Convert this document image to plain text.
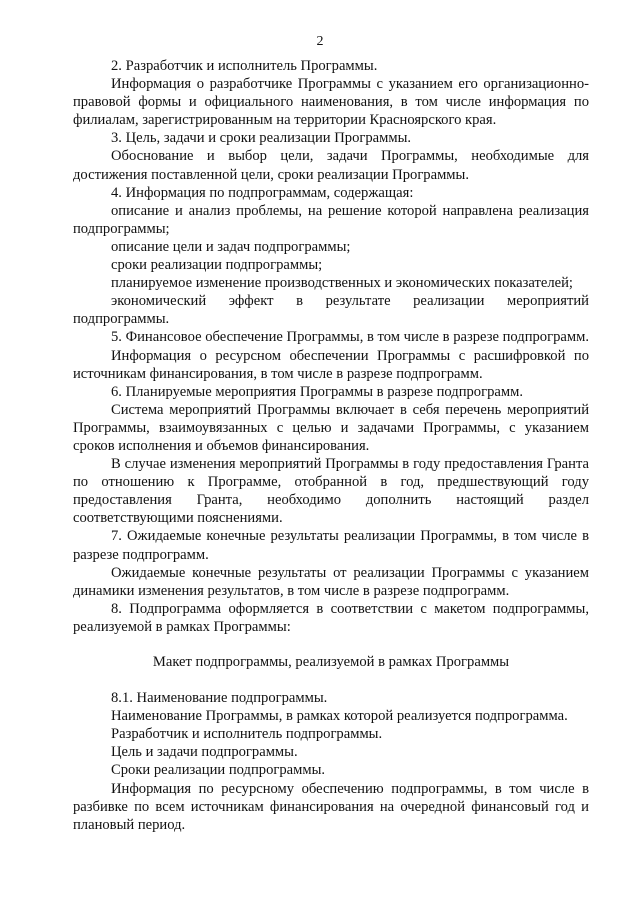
2

2. Разработчик и исполнитель Программы.

Информация о разработчике Программы с указанием его организационно-правовой формы и официального наименования, в том числе информация по филиалам, зарегистрированным на территории Красноярского края.

3. Цель, задачи и сроки реализации Программы.

Обоснование и выбор цели, задачи Программы, необходимые для достижения поставленной цели, сроки реализации Программы.

4. Информация по подпрограммам, содержащая:

описание и анализ проблемы, на решение которой направлена реализация подпрограммы;

описание цели и задач подпрограммы;

сроки реализации подпрограммы;

планируемое изменение производственных и экономических показателей;

экономический эффект в результате реализации мероприятий подпрограммы.

5. Финансовое обеспечение Программы, в том числе в разрезе подпрограмм.

Информация о ресурсном обеспечении Программы с расшифровкой по источникам финансирования, в том числе в разрезе подпрограмм.

6. Планируемые мероприятия Программы в разрезе подпрограмм.

Система мероприятий Программы включает в себя перечень мероприятий Программы, взаимоувязанных с целью и задачами Программы, с указанием сроков исполнения и объемов финансирования.

В случае изменения мероприятий Программы в году предоставления Гранта по отношению к Программе, отобранной в год, предшествующий году предоставления Гранта, необходимо дополнить настоящий раздел соответствующими пояснениями.

7. Ожидаемые конечные результаты реализации Программы, в том числе в разрезе подпрограмм.

Ожидаемые конечные результаты от реализации Программы с указанием динамики изменения результатов, в том числе в разрезе подпрограмм.

8. Подпрограмма оформляется в соответствии с макетом подпрограммы, реализуемой в рамках Программы:

Макет подпрограммы, реализуемой в рамках Программы

8.1. Наименование подпрограммы.

Наименование Программы, в рамках которой реализуется подпрограмма.

Разработчик и исполнитель подпрограммы.

Цель и задачи подпрограммы.

Сроки реализации подпрограммы.

Информация по ресурсному обеспечению подпрограммы, в том числе в разбивке по всем источникам финансирования на очередной финансовый год и плановый период.
